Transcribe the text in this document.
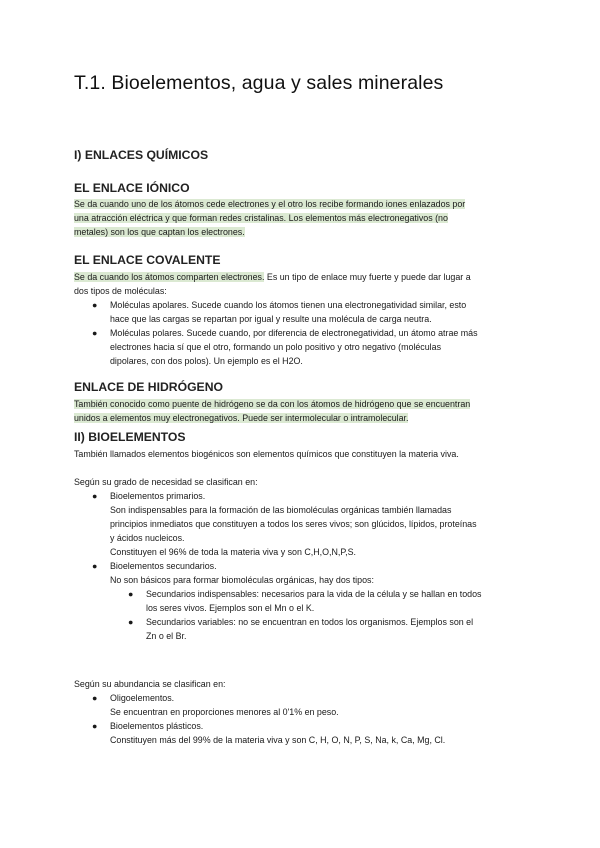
T.1. Bioelementos, agua y sales minerales
I) ENLACES QUÍMICOS
EL ENLACE IÓNICO
Se da cuando uno de los átomos cede electrones y el otro los recibe formando iones enlazados por
una atracción eléctrica y que forman redes cristalinas. Los elementos más electronegativos (no
metales) son los que captan los electrones.
EL ENLACE COVALENTE
Se da cuando los átomos comparten electrones. Es un tipo de enlace muy fuerte y puede dar lugar a
dos tipos de moléculas:
● Moléculas apolares. Sucede cuando los átomos tienen una electronegatividad similar, esto
hace que las cargas se repartan por igual y resulte una molécula de carga neutra.
● Moléculas polares. Sucede cuando, por diferencia de electronegatividad, un átomo atrae más
electrones hacia sí que el otro, formando un polo positivo y otro negativo (moléculas
dipolares, con dos polos). Un ejemplo es el H2O.
ENLACE DE HIDRÓGENO
También conocido como puente de hidrógeno se da con los átomos de hidrógeno que se encuentran
unidos a elementos muy electronegativos. Puede ser intermolecular o intramolecular.
II) BIOELEMENTOS
También llamados elementos biogénicos son elementos químicos que constituyen la materia viva.
Según su grado de necesidad se clasifican en:
● Bioelementos primarios.
Son indispensables para la formación de las biomoléculas orgánicas también llamadas
principios inmediatos que constituyen a todos los seres vivos; son glúcidos, lípidos, proteínas
y ácidos nucleicos.
Constituyen el 96% de toda la materia viva y son C,H,O,N,P,S.
● Bioelementos secundarios.
No son básicos para formar biomoléculas orgánicas, hay dos tipos:
● Secundarios indispensables: necesarios para la vida de la célula y se hallan en todos
los seres vivos. Ejemplos son el Mn o el K.
● Secundarios variables: no se encuentran en todos los organismos. Ejemplos son el
Zn o el Br.
Según su abundancia se clasifican en:
● Oligoelementos.
Se encuentran en proporciones menores al 0'1% en peso.
● Bioelementos plásticos.
Constituyen más del 99% de la materia viva y son C, H, O, N, P, S, Na, k, Ca, Mg, Cl.
